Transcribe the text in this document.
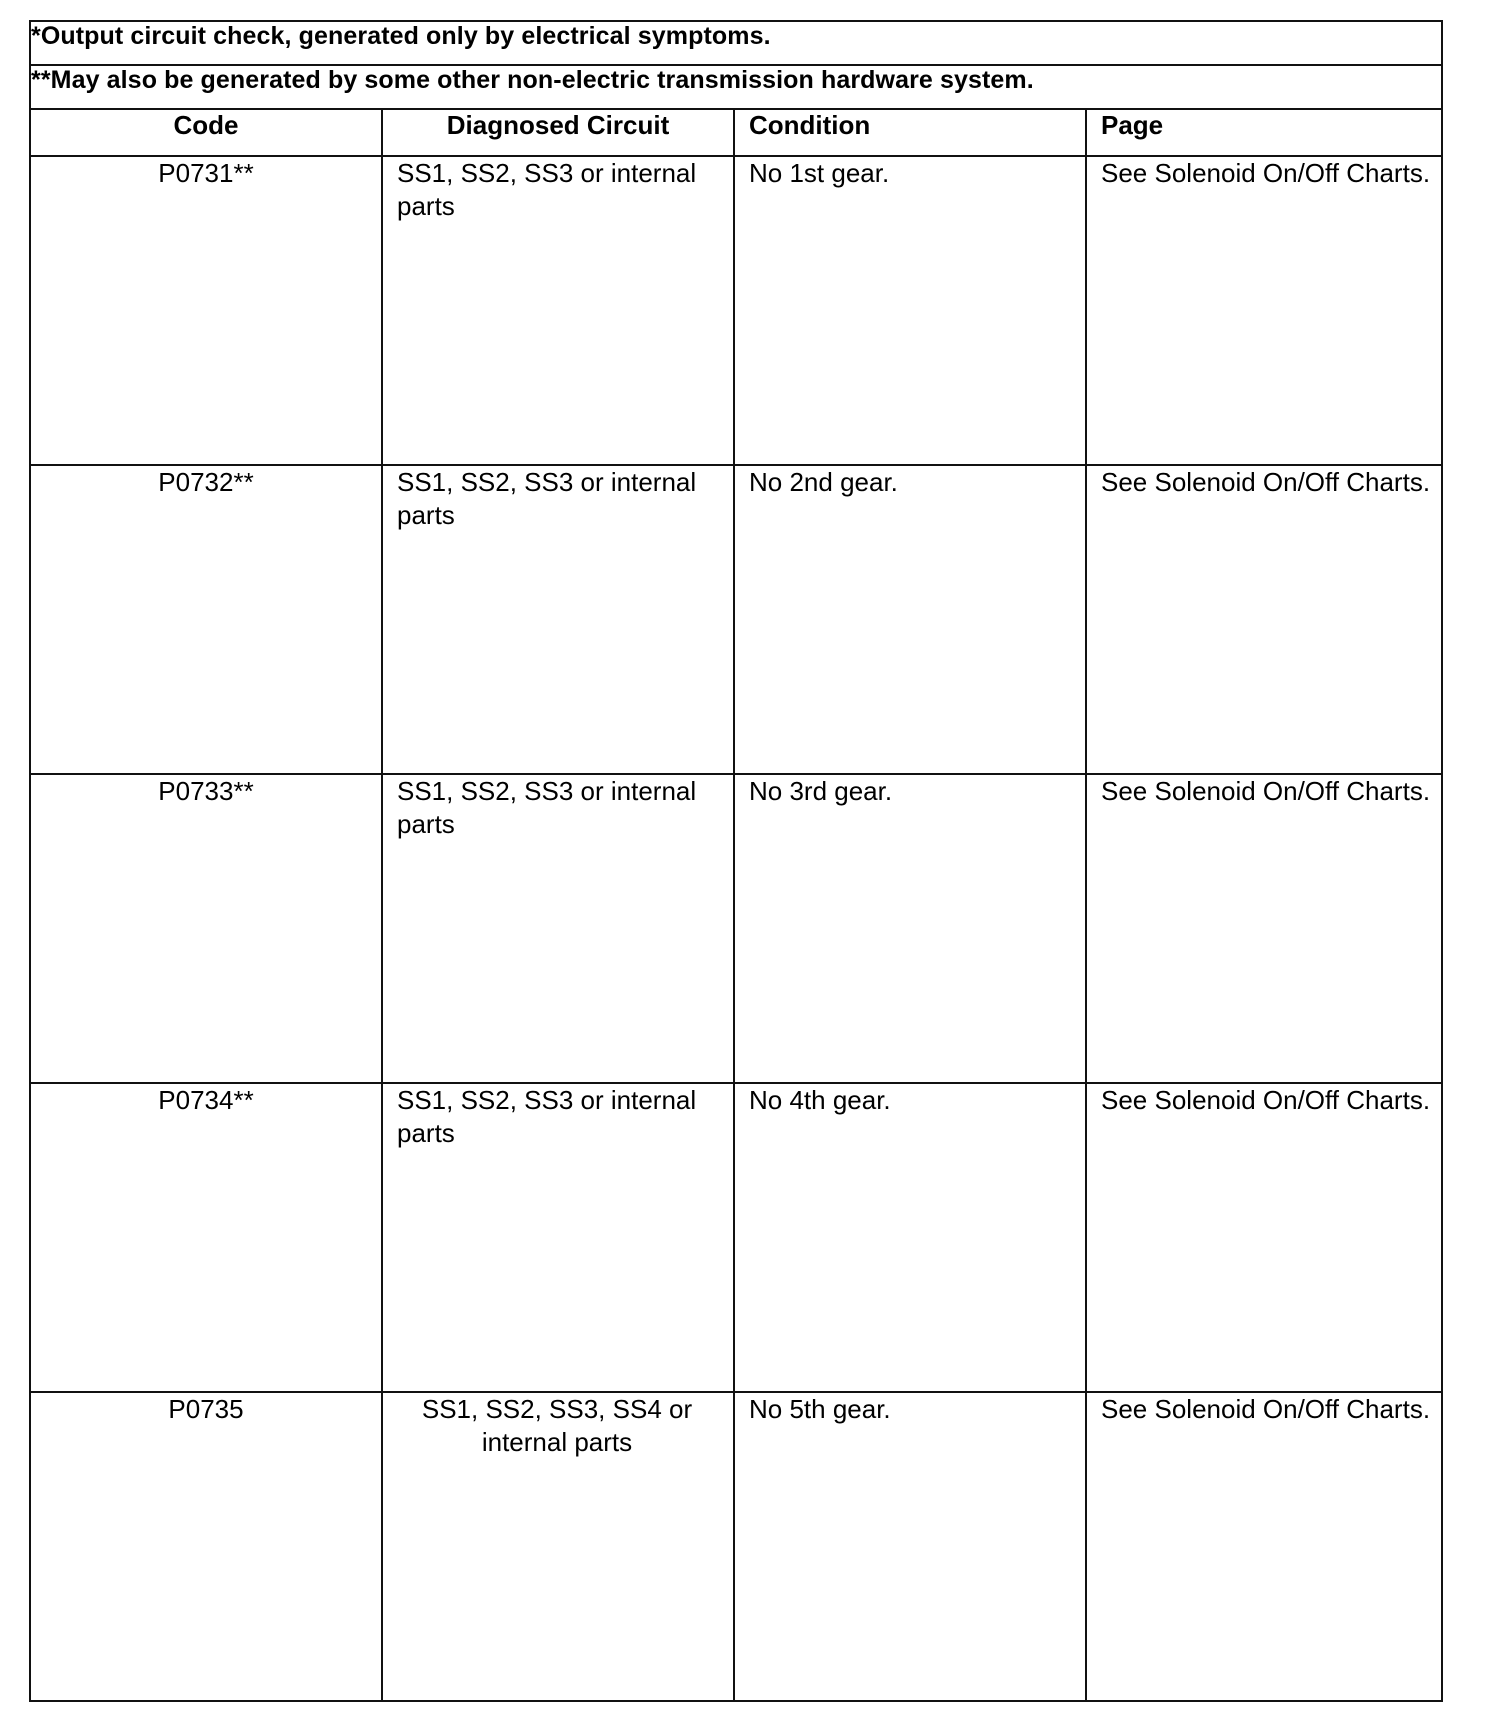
*Output circuit check, generated only by electrical symptoms.			
**May also be generated by some other non-electric transmission hardware system.			
Code	Diagnosed Circuit	Condition	Page
P0731**	SS1, SS2, SS3 or internal parts	No 1st gear.	See Solenoid On/Off Charts.
P0732**	SS1, SS2, SS3 or internal parts	No 2nd gear.	See Solenoid On/Off Charts.
P0733**	SS1, SS2, SS3 or internal parts	No 3rd gear.	See Solenoid On/Off Charts.
P0734**	SS1, SS2, SS3 or internal parts	No 4th gear.	See Solenoid On/Off Charts.
P0735	SS1, SS2, SS3, SS4 or internal parts	No 5th gear.	See Solenoid On/Off Charts.
